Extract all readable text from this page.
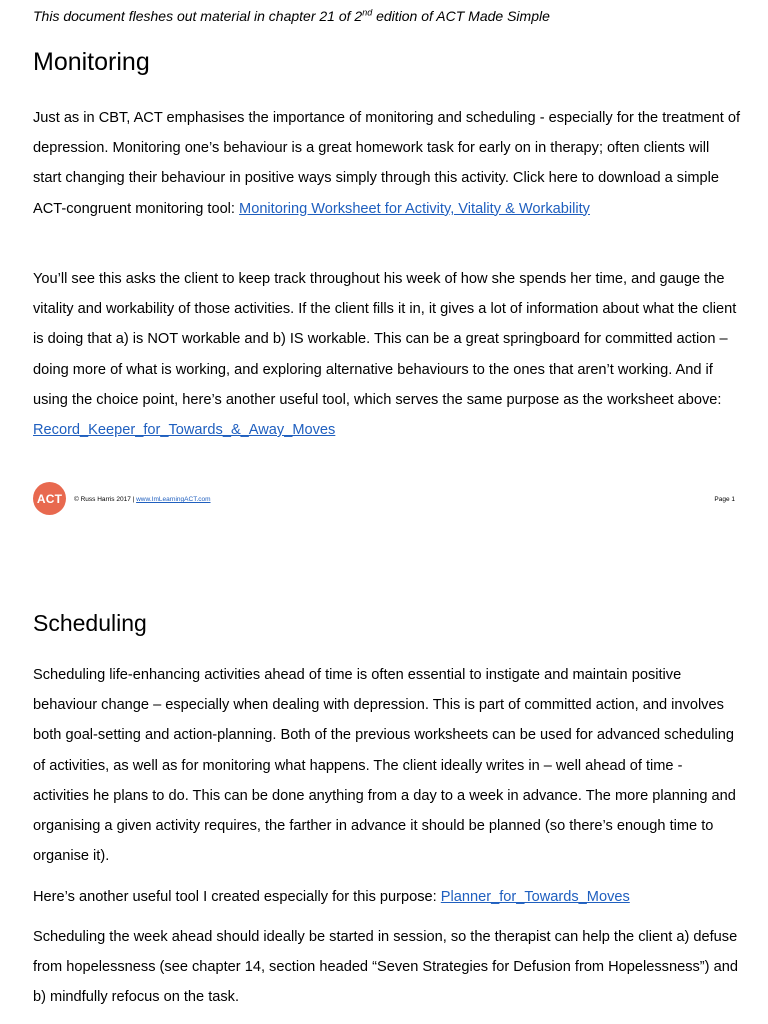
This document fleshes out material in chapter 21 of 2nd edition of ACT Made Simple
Monitoring

Just as in CBT, ACT emphasises the importance of monitoring and scheduling - especially for the treatment of depression. Monitoring one’s behaviour is a great homework task for early on in therapy; often clients will start changing their behaviour in positive ways simply through this activity. Click here to download a simple ACT-congruent monitoring tool: Monitoring Worksheet for Activity, Vitality & Workability

You’ll see this asks the client to keep track throughout his week of how she spends her time, and gauge the vitality and workability of those activities. If the client fills it in, it gives a lot of information about what the client is doing that a) is NOT workable and b) IS workable. This can be a great springboard for committed action – doing more of what is working, and exploring alternative behaviours to the ones that aren’t working. And if using the choice point, here’s another useful tool, which serves the same purpose as the worksheet above: Record_Keeper_for_Towards_&_Away_Moves

ACT	© Russ Harris 2017 | www.ImLearningACT.com	Page 1
Scheduling

Scheduling life-enhancing activities ahead of time is often essential to instigate and maintain positive behaviour change – especially when dealing with depression. This is part of committed action, and involves both goal-setting and action-planning. Both of the previous worksheets can be used for advanced scheduling of activities, as well as for monitoring what happens. The client ideally writes in – well ahead of time - activities he plans to do. This can be done anything from a day to a week in advance. The more planning and organising a given activity requires, the farther in advance it should be planned (so there’s enough time to organise it).

Here’s another useful tool I created especially for this purpose: Planner_for_Towards_Moves

Scheduling the week ahead should ideally be started in session, so the therapist can help the client a) defuse from hopelessness (see chapter 14, section headed “Seven Strategies for Defusion from Hopelessness”) and b) mindfully refocus on the task.
